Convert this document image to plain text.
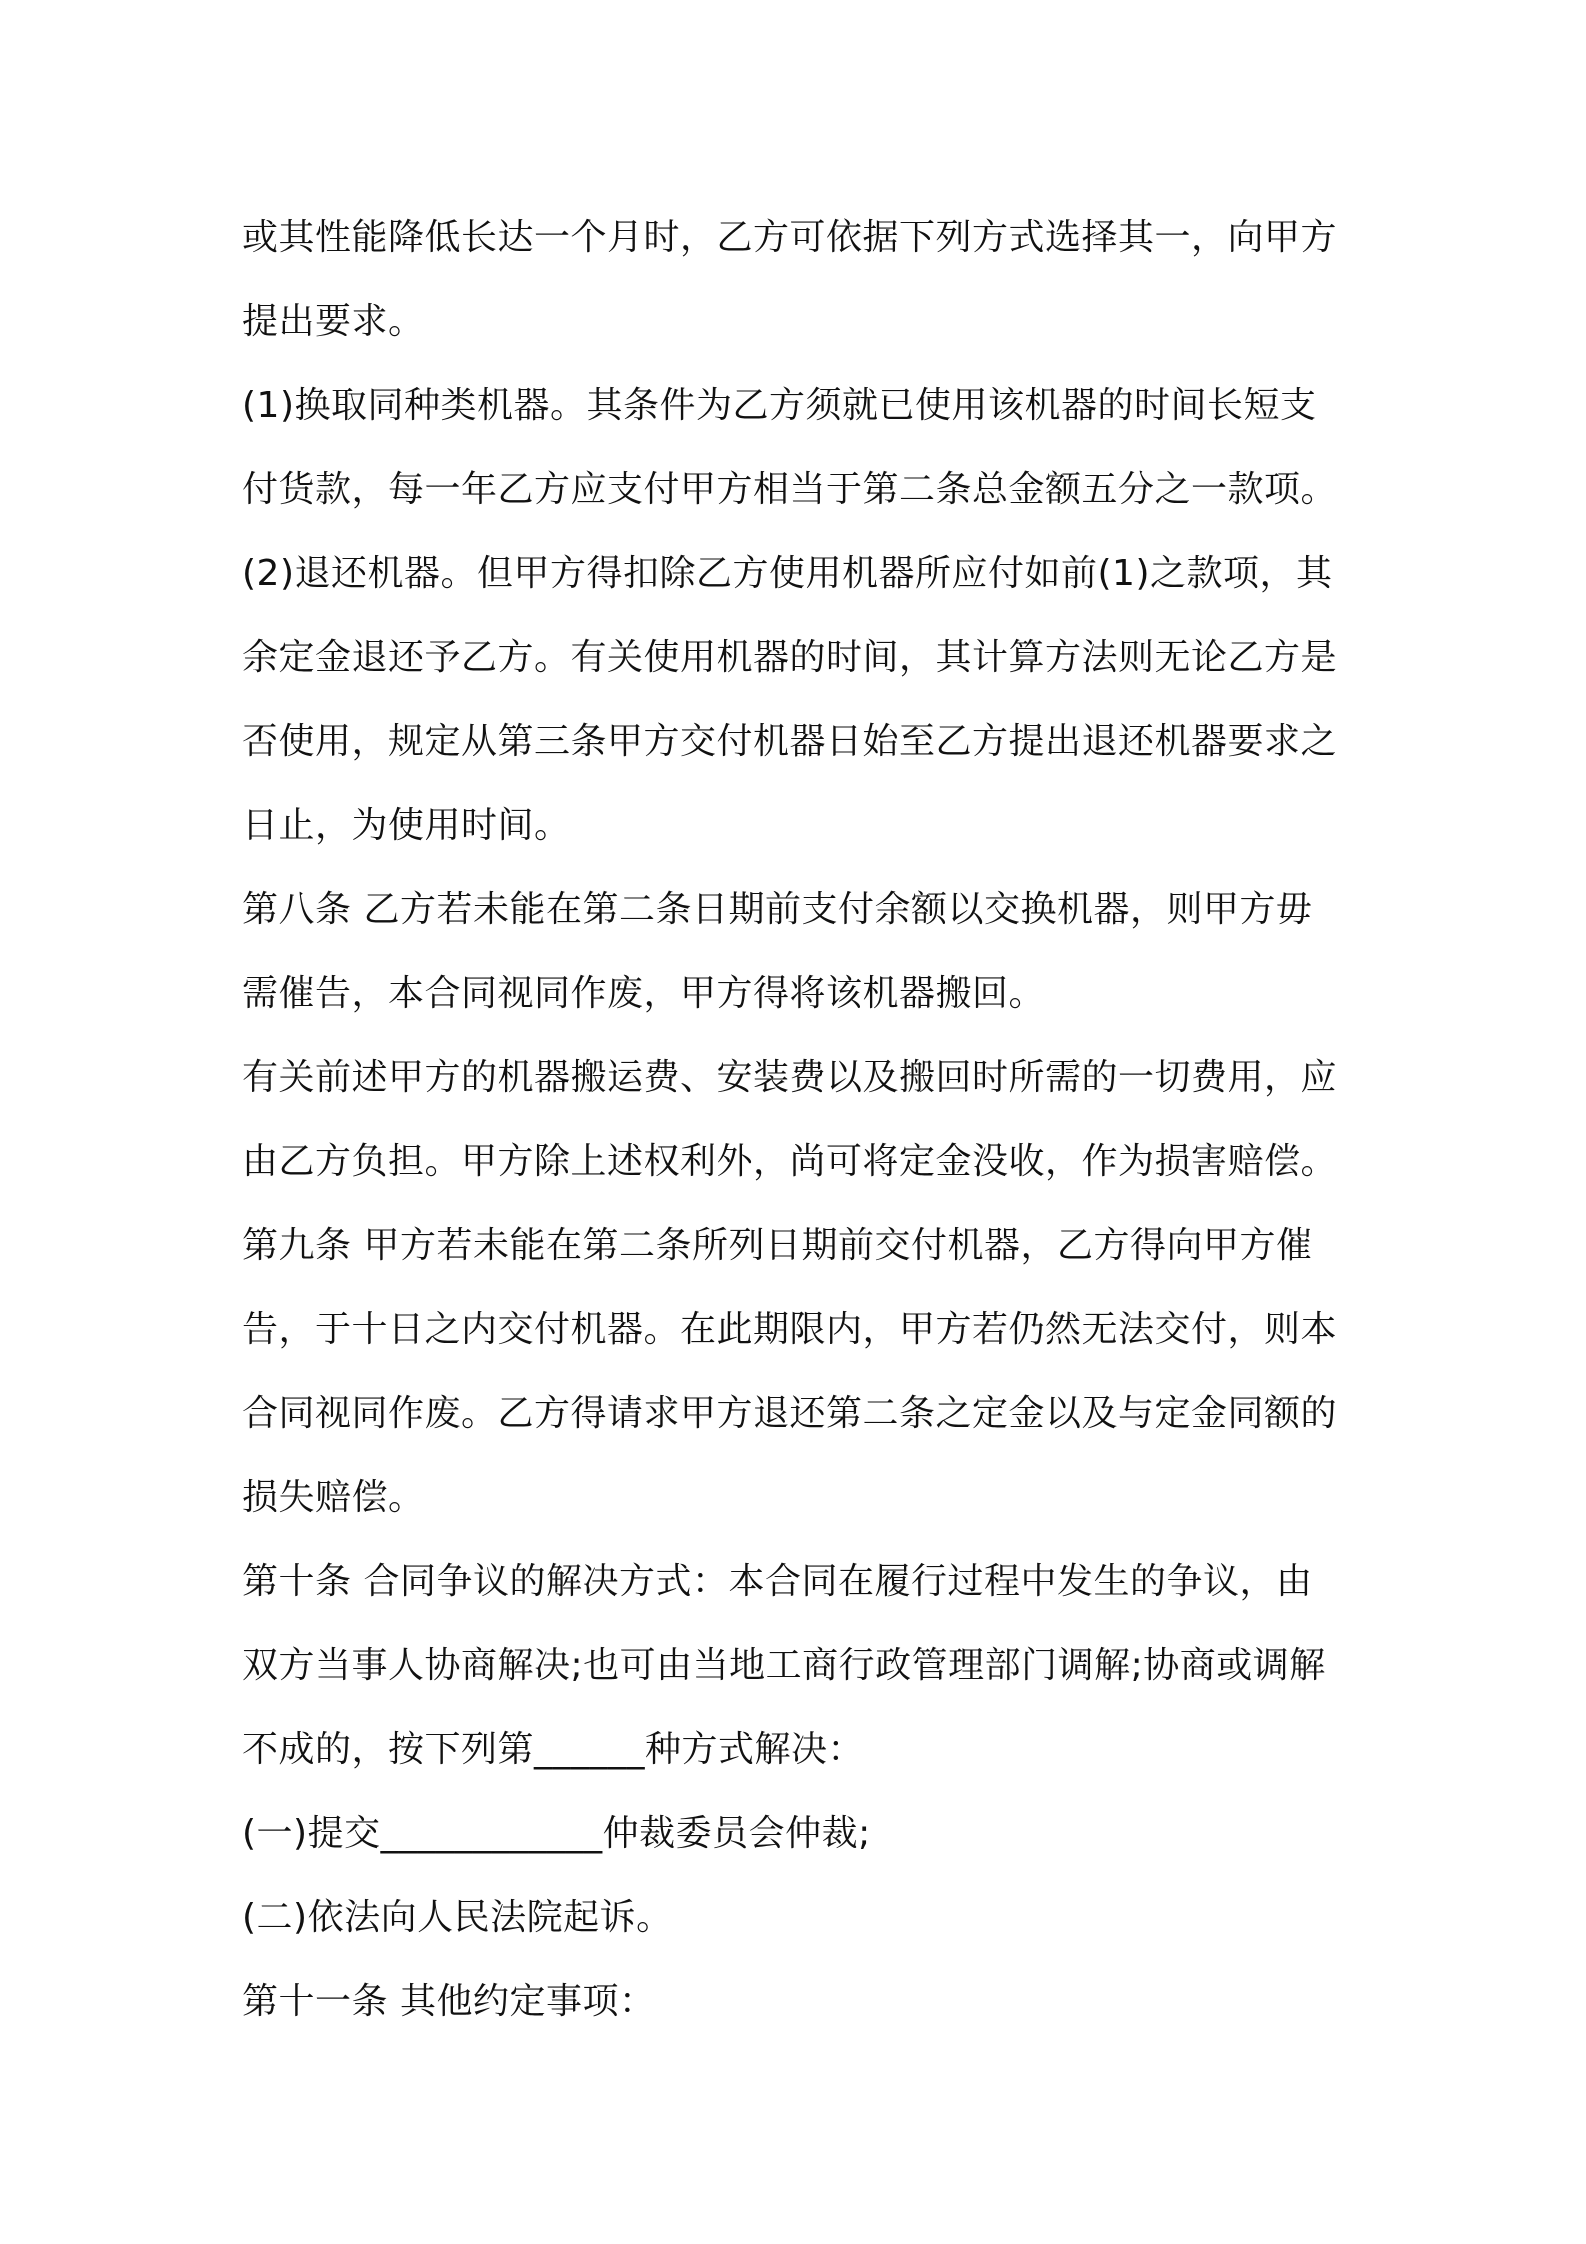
或其性能降低长达一个月时，乙方可依据下列方式选择其一，向甲方
提出要求。
(1)换取同种类机器。其条件为乙方须就已使用该机器的时间长短支
付货款，每一年乙方应支付甲方相当于第二条总金额五分之一款项。
(2)退还机器。但甲方得扣除乙方使用机器所应付如前(1)之款项，其
余定金退还予乙方。有关使用机器的时间，其计算方法则无论乙方是
否使用，规定从第三条甲方交付机器日始至乙方提出退还机器要求之
日止，为使用时间。
第八条 乙方若未能在第二条日期前支付余额以交换机器，则甲方毋
需催告，本合同视同作废，甲方得将该机器搬回。
有关前述甲方的机器搬运费、安装费以及搬回时所需的一切费用，应
由乙方负担。甲方除上述权利外，尚可将定金没收，作为损害赔偿。
第九条 甲方若未能在第二条所列日期前交付机器，乙方得向甲方催
告，于十日之内交付机器。在此期限内，甲方若仍然无法交付，则本
合同视同作废。乙方得请求甲方退还第二条之定金以及与定金同额的
损失赔偿。
第十条 合同争议的解决方式：本合同在履行过程中发生的争议，由
双方当事人协商解决;也可由当地工商行政管理部门调解;协商或调解
不成的，按下列第______种方式解决：
(一)提交____________仲裁委员会仲裁;
(二)依法向人民法院起诉。
第十一条 其他约定事项：
